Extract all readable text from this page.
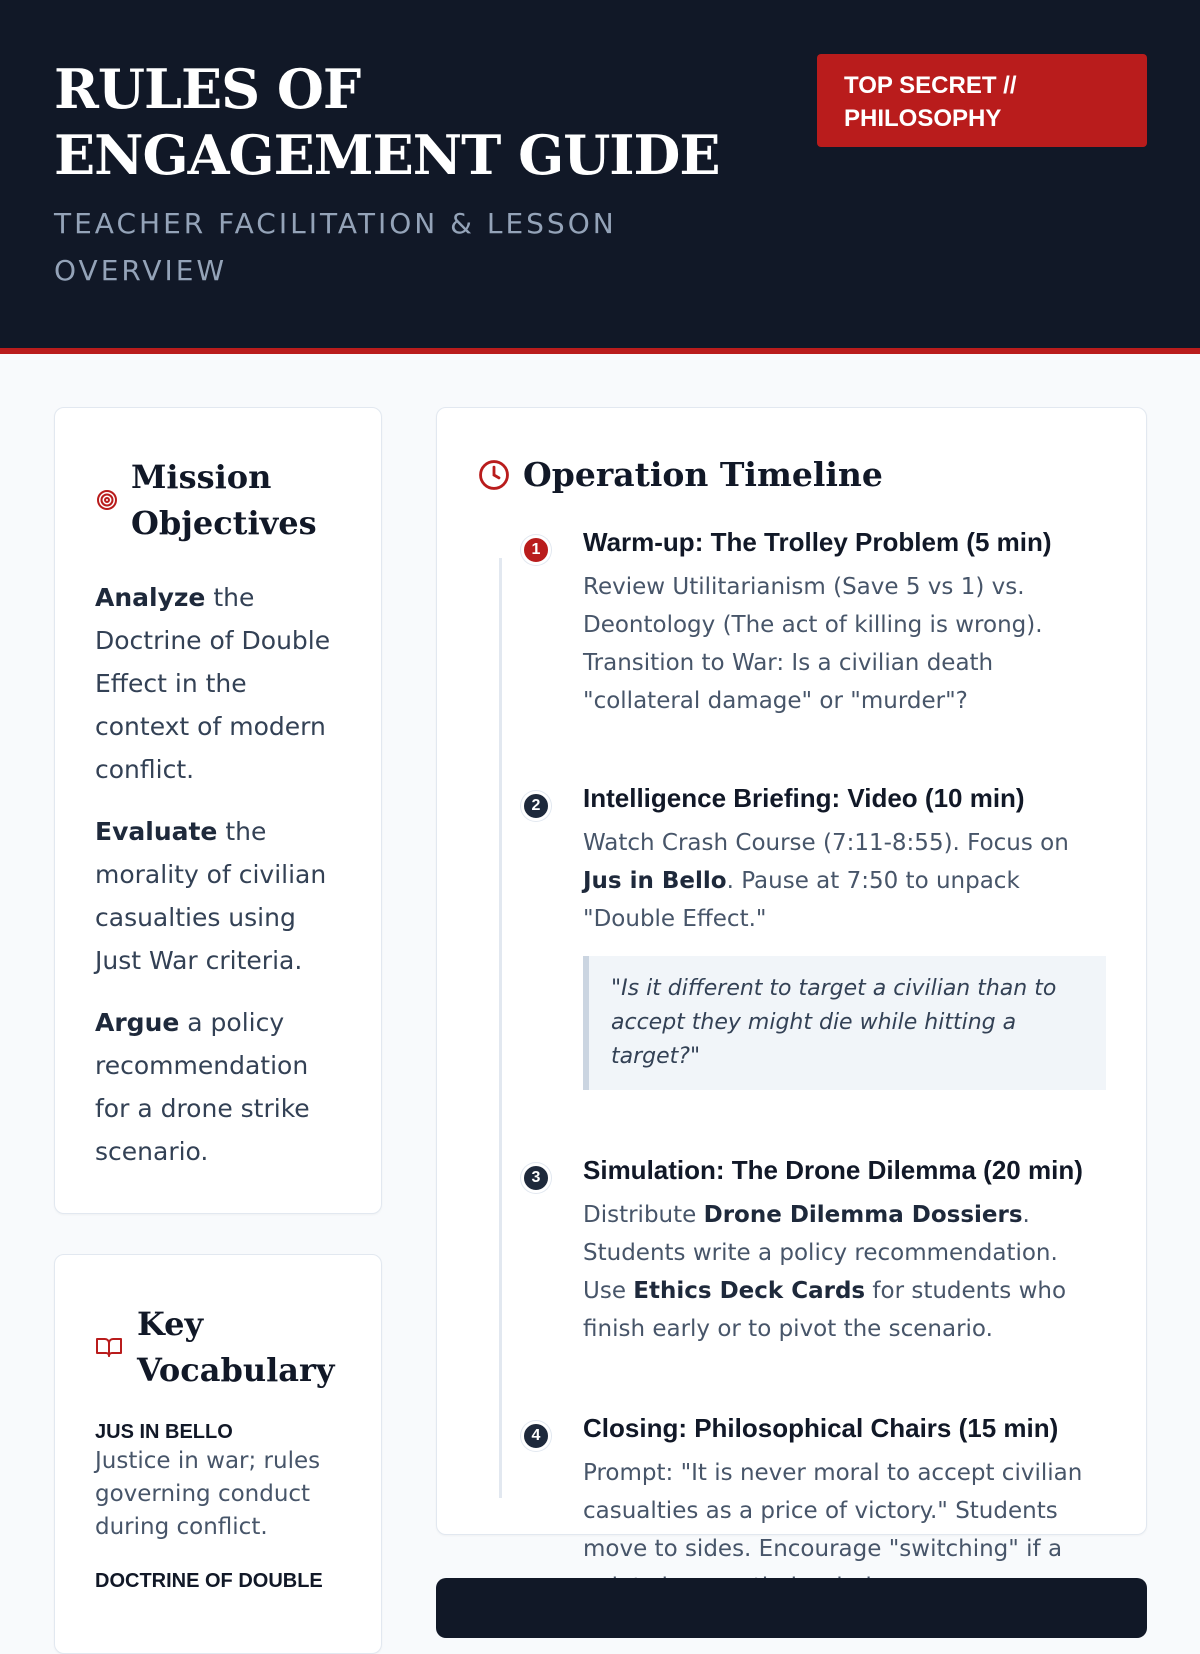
RULES OF ENGAGEMENT GUIDE
TEACHER FACILITATION & LESSON OVERVIEW
TOP SECRET // PHILOSOPHY
Mission Objectives

Analyze the Doctrine of Double Effect in the context of modern conflict.

Evaluate the morality of civilian casualties using Just War criteria.

Argue a policy recommendation for a drone strike scenario.

Key Vocabulary
JUS IN BELLO
Justice in war; rules governing conduct during conflict.
DOCTRINE OF DOUBLE
Operation Timeline
1	Warm-up: The Trolley Problem (5 min)

Review Utilitarianism (Save 5 vs 1) vs. Deontology (The act of killing is wrong). Transition to War: Is a civilian death "collateral damage" or "murder"?

2	Intelligence Briefing: Video (10 min)

Watch Crash Course (7:11-8:55). Focus on Jus in Bello. Pause at 7:50 to unpack "Double Effect."

"Is it different to target a civilian than to accept they might die while hitting a target?"
3	Simulation: The Drone Dilemma (20 min)

Distribute Drone Dilemma Dossiers. Students write a policy recommendation. Use Ethics Deck Cards for students who finish early or to pivot the scenario.

4	Closing: Philosophical Chairs (15 min)

Prompt: "It is never moral to accept civilian casualties as a price of victory." Students move to sides. Encourage "switching" if a
